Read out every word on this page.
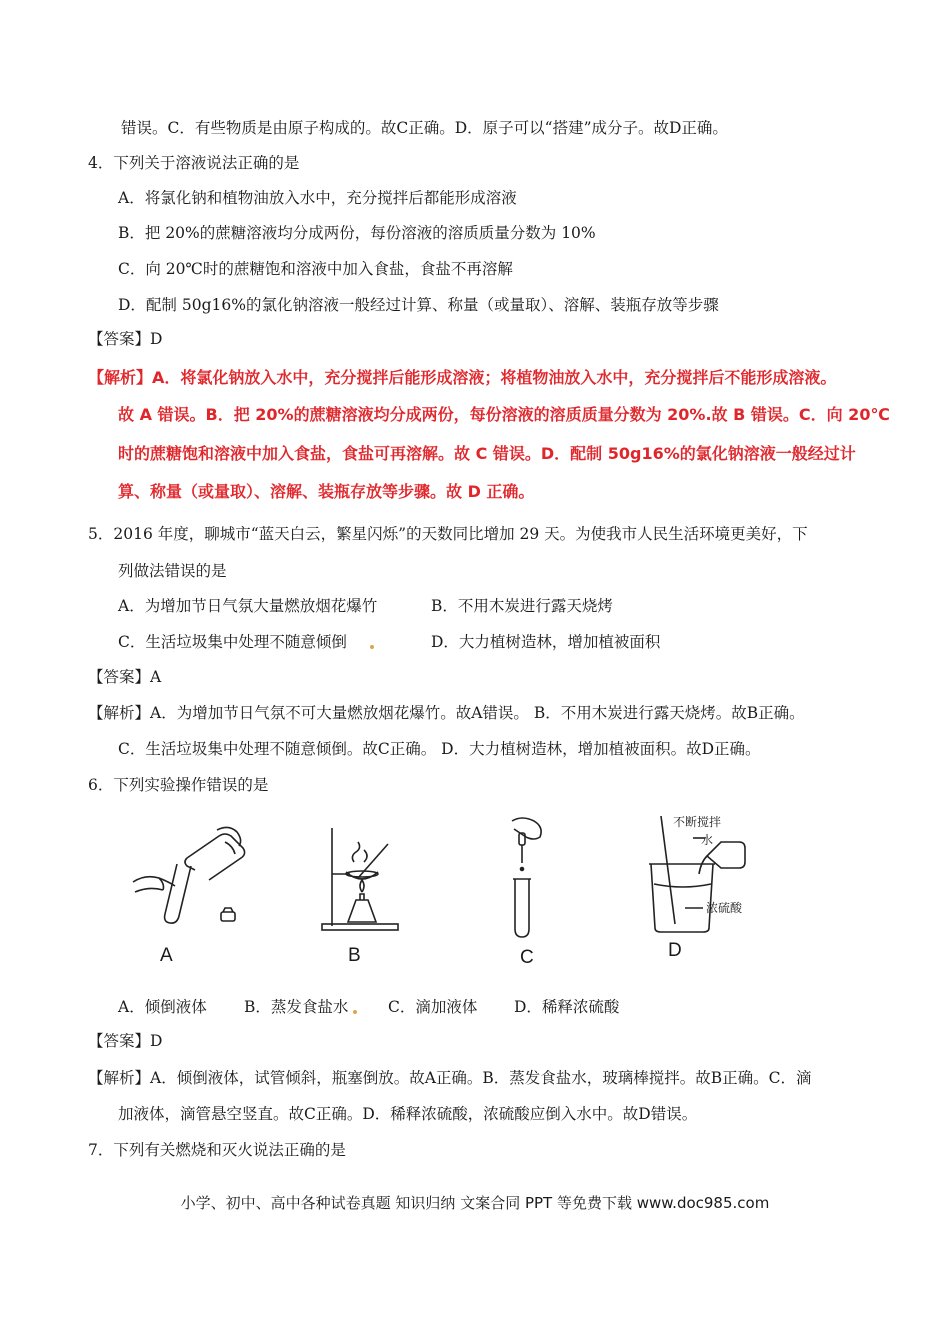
错误。C．有些物质是由原子构成的。故C正确。D．原子可以“搭建”成分子。故D正确。
4．下列关于溶液说法正确的是
A．将氯化钠和植物油放入水中，充分搅拌后都能形成溶液
B．把 20%的蔗糖溶液均分成两份，每份溶液的溶质质量分数为 10%
C．向 20℃时的蔗糖饱和溶液中加入食盐，食盐不再溶解
D．配制 50g16%的氯化钠溶液一般经过计算、称量（或量取）、溶解、装瓶存放等步骤
【答案】D
【解析】A．将氯化钠放入水中，充分搅拌后能形成溶液；将植物油放入水中，充分搅拌后不能形成溶液。
故 A 错误。B．把 20%的蔗糖溶液均分成两份，每份溶液的溶质质量分数为 20%.故 B 错误。C．向 20℃
时的蔗糖饱和溶液中加入食盐，食盐可再溶解。故 C 错误。D．配制 50g16%的氯化钠溶液一般经过计
算、称量（或量取）、溶解、装瓶存放等步骤。故 D 正确。
5．2016 年度，聊城市“蓝天白云，繁星闪烁”的天数同比增加 29 天。为使我市人民生活环境更美好，下
列做法错误的是
A．为增加节日气氛大量燃放烟花爆竹	B．不用木炭进行露天烧烤
C．生活垃圾集中处理不随意倾倒	D．大力植树造林，增加植被面积
【答案】A
【解析】A．为增加节日气氛不可大量燃放烟花爆竹。故A错误。 B．不用木炭进行露天烧烤。故B正确。
C．生活垃圾集中处理不随意倾倒。故C正确。 D．大力植树造林，增加植被面积。故D正确。
6．下列实验操作错误的是
A	B	C
不断搅拌
水
浓硫酸
D
A．倾倒液体 B．蒸发食盐水	C．滴加液体 D．稀释浓硫酸
【答案】D
【解析】A．倾倒液体，试管倾斜，瓶塞倒放。故A正确。B．蒸发食盐水，玻璃棒搅拌。故B正确。C．滴
加液体，滴管悬空竖直。故C正确。D．稀释浓硫酸，浓硫酸应倒入水中。故D错误。
7．下列有关燃烧和灭火说法正确的是
小学、初中、高中各种试卷真题 知识归纳 文案合同 PPT 等免费下载 www.doc985.com
